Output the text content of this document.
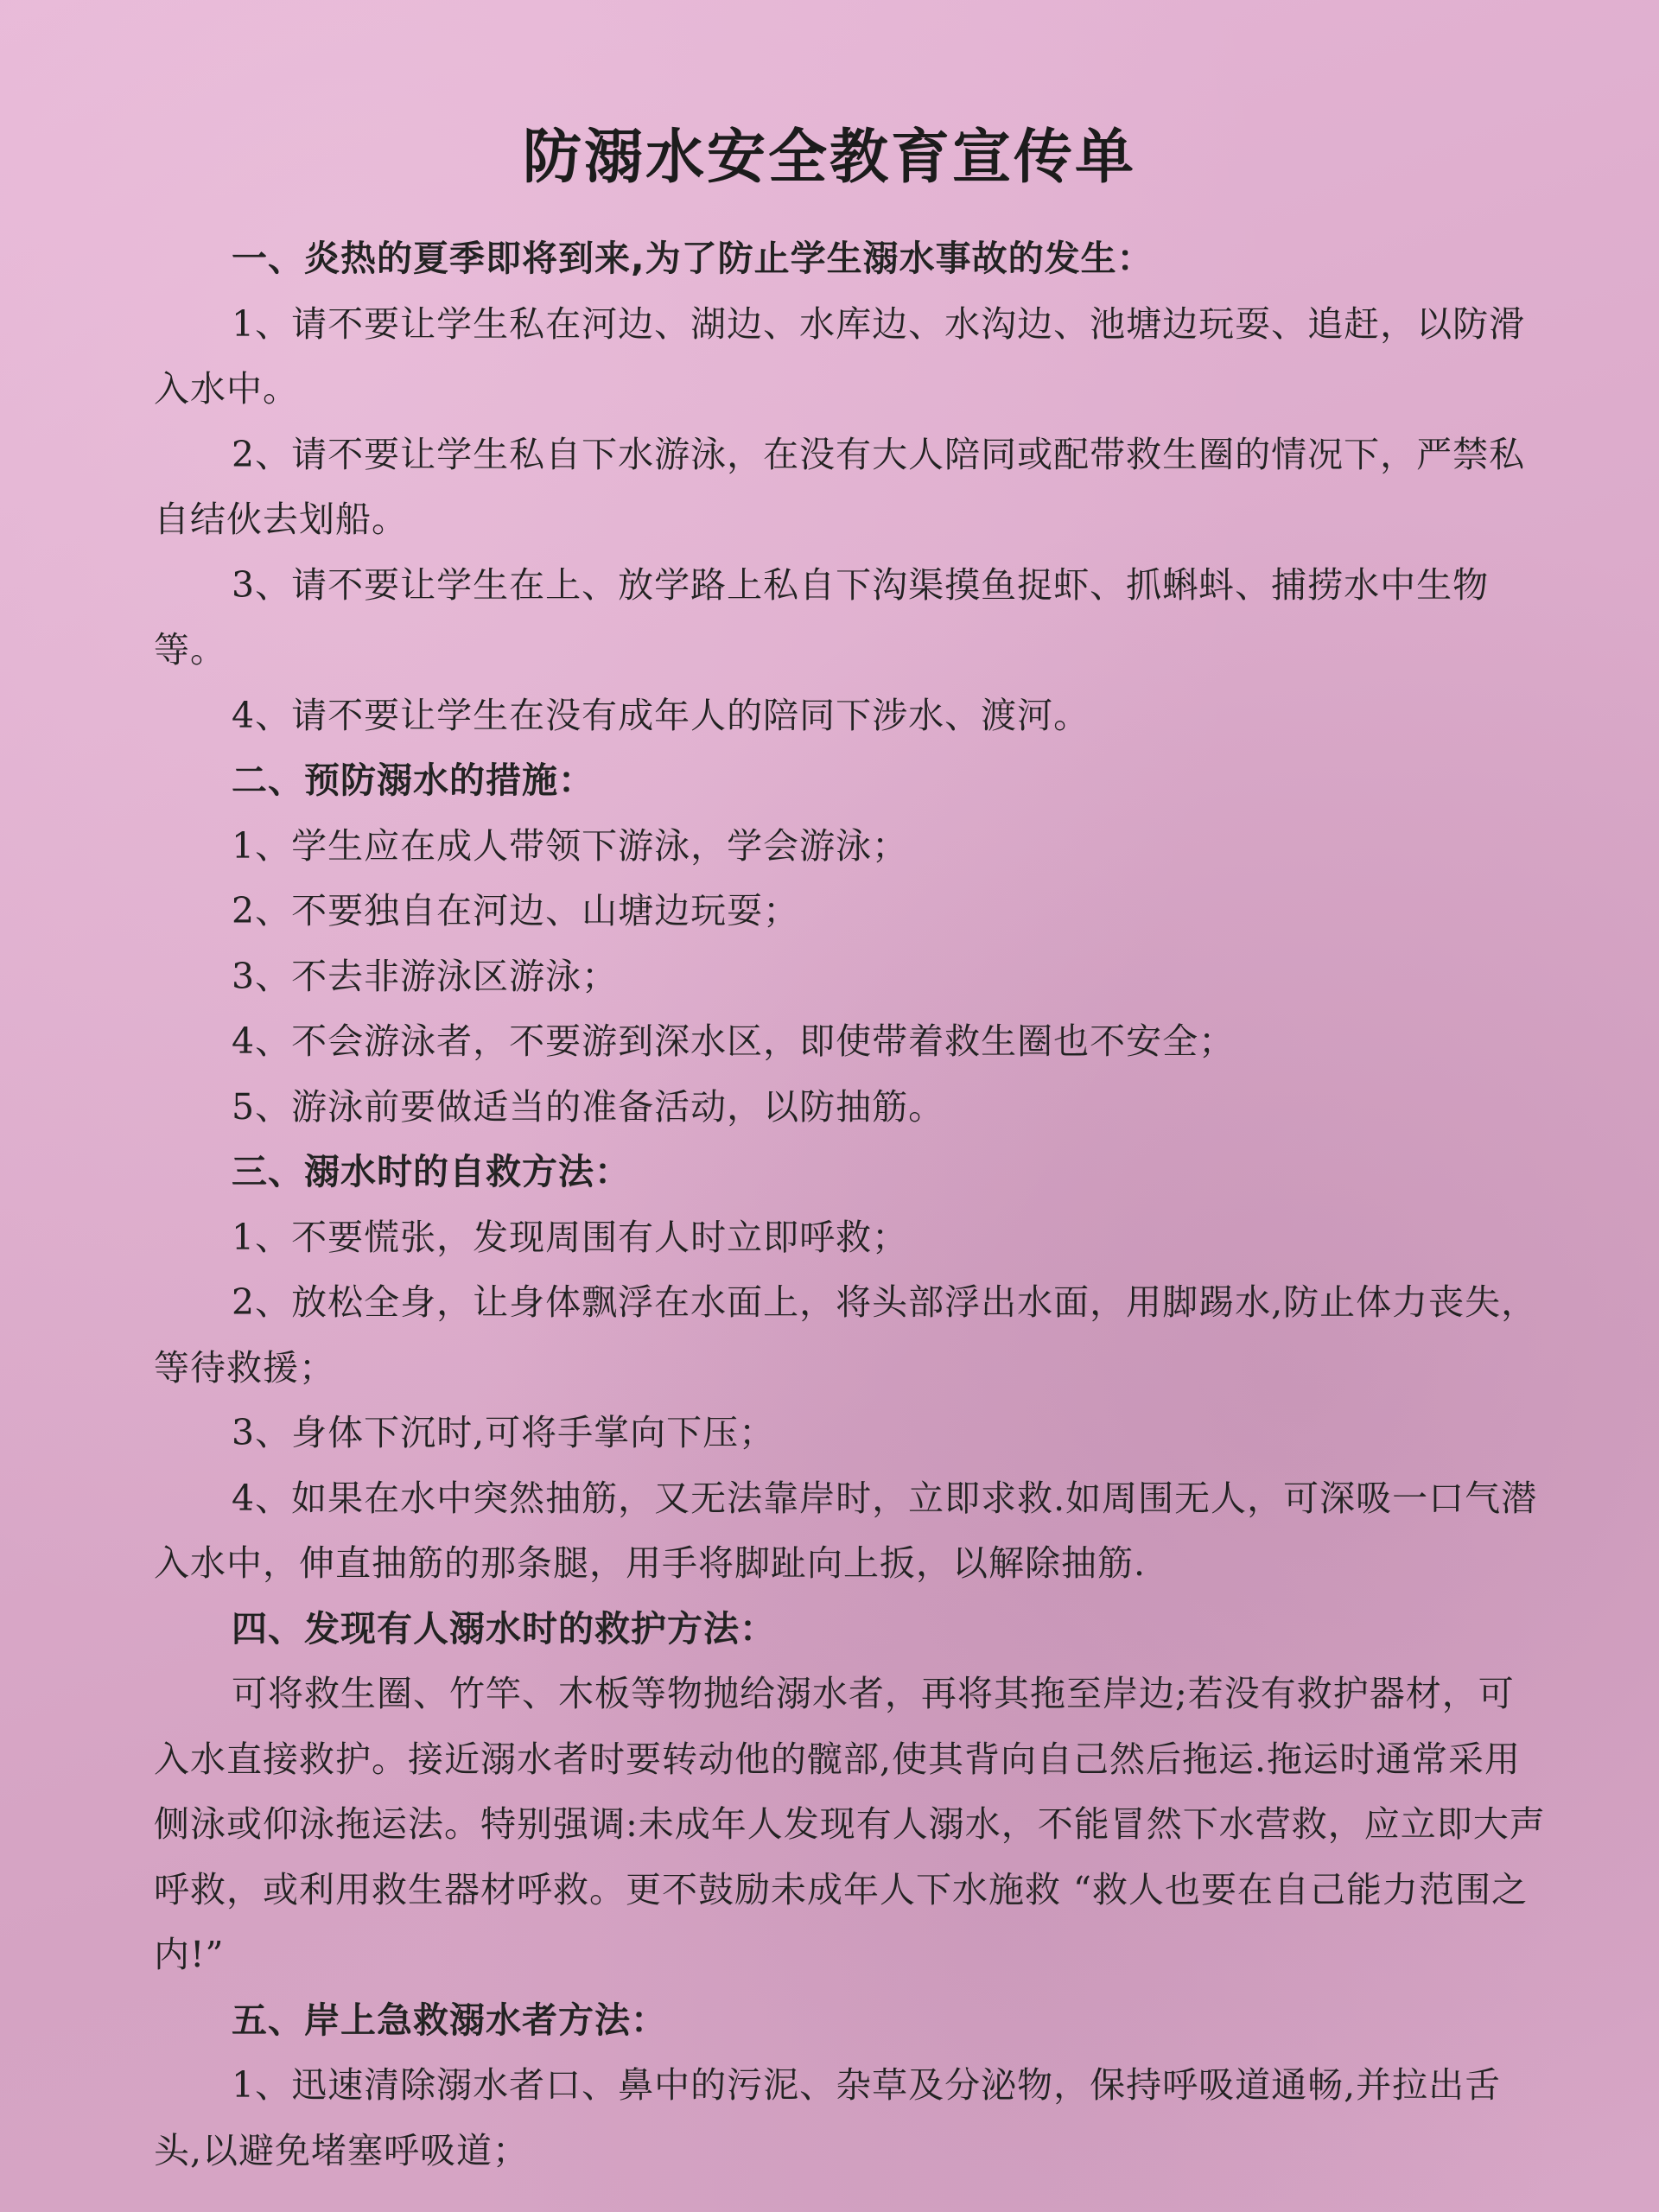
防溺水安全教育宣传单

一、炎热的夏季即将到来,为了防止学生溺水事故的发生：

1、请不要让学生私在河边、湖边、水库边、水沟边、池塘边玩耍、追赶，以防滑入水中。

2、请不要让学生私自下水游泳，在没有大人陪同或配带救生圈的情况下，严禁私自结伙去划船。

3、请不要让学生在上、放学路上私自下沟渠摸鱼捉虾、抓蝌蚪、捕捞水中生物等。

4、请不要让学生在没有成年人的陪同下涉水、渡河。

二、预防溺水的措施：

1、学生应在成人带领下游泳，学会游泳；

2、不要独自在河边、山塘边玩耍；

3、不去非游泳区游泳；

4、不会游泳者，不要游到深水区，即使带着救生圈也不安全；

5、游泳前要做适当的准备活动，以防抽筋。

三、溺水时的自救方法：

1、不要慌张，发现周围有人时立即呼救；

2、放松全身，让身体飘浮在水面上，将头部浮出水面，用脚踢水,防止体力丧失，等待救援；

3、身体下沉时,可将手掌向下压；

4、如果在水中突然抽筋，又无法靠岸时，立即求救.如周围无人，可深吸一口气潜入水中，伸直抽筋的那条腿，用手将脚趾向上扳，以解除抽筋.

四、发现有人溺水时的救护方法：

可将救生圈、竹竿、木板等物抛给溺水者，再将其拖至岸边;若没有救护器材，可入水直接救护。接近溺水者时要转动他的髋部,使其背向自己然后拖运.拖运时通常采用侧泳或仰泳拖运法。特别强调:未成年人发现有人溺水，不能冒然下水营救，应立即大声呼救，或利用救生器材呼救。更不鼓励未成年人下水施救 “救人也要在自己能力范围之内!”

五、岸上急救溺水者方法：

1、迅速清除溺水者口、鼻中的污泥、杂草及分泌物，保持呼吸道通畅,并拉出舌头,以避免堵塞呼吸道；
